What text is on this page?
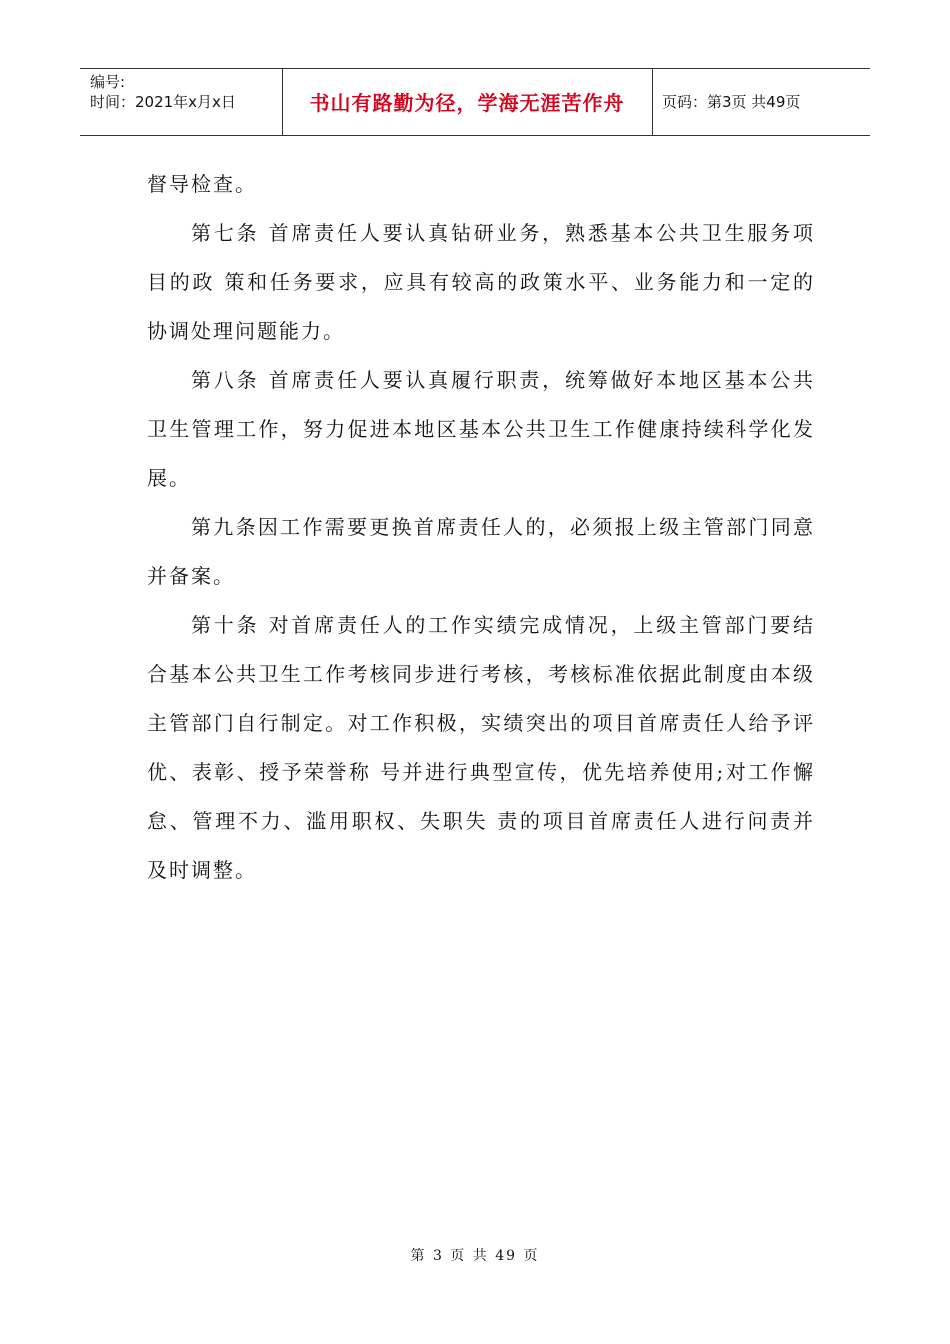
编号:
时间：2021年x月x日	书山有路勤为径，学海无涯苦作舟	页码：第3页 共49页

督导检查。

第七条 首席责任人要认真钻研业务，熟悉基本公共卫生服务项目的政 策和任务要求，应具有较高的政策水平、业务能力和一定的协调处理问题能力。

第八条 首席责任人要认真履行职责，统筹做好本地区基本公共卫生管理工作，努力促进本地区基本公共卫生工作健康持续科学化发展。

第九条因工作需要更换首席责任人的，必须报上级主管部门同意并备案。

第十条 对首席责任人的工作实绩完成情况，上级主管部门要结合基本公共卫生工作考核同步进行考核，考核标准依据此制度由本级主管部门自行制定。对工作积极，实绩突出的项目首席责任人给予评优、表彰、授予荣誉称 号并进行典型宣传，优先培养使用;对工作懈怠、管理不力、滥用职权、失职失 责的项目首席责任人进行问责并及时调整。

第 3 页 共 49 页
